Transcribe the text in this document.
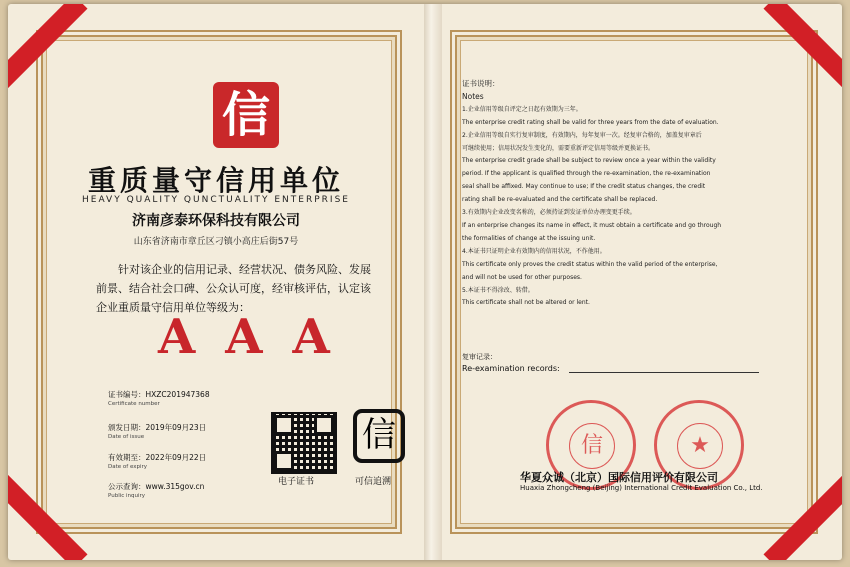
信
重质量守信用单位
HEAVY QUALITY QUNCTUALITY ENTERPRISE
济南彦泰环保科技有限公司
山东省济南市章丘区刁镇小高庄后街57号
针对该企业的信用记录、经营状况、债务风险、发展前景、结合社会口碑、公众认可度，经审核评估，认定该企业重质量守信用单位等级为：
AAA
证书编号：HXZC201947368
Certificate number
颁发日期：2019年09月23日
Date of issue
有效期至：2022年09月22日
Date of expiry
公示查询：www.315gov.cn
Public inquiry
信
电子证书	可信追溯

证书说明：

Notes

1.企业信用等级自评定之日起有效期为三年。

The enterprise credit rating shall be valid for three years from the date of evaluation.

2.企业信用等级自实行复审制度，有效期内，每年复审一次。经复审合格的，加盖复审章后

可继续使用；信用状况发生变化的，需要重新评定信用等级并更换证书。

The enterprise credit grade shall be subject to review once a year within the validity

period. If the applicant is qualified through the re-examination, the re-examination

seal shall be affixed. May continue to use; If the credit status changes, the credit

rating shall be re-evaluated and the certificate shall be replaced.

3.有效期内企业改变名称的，必须持证到发证单位办理变更手续。

If an enterprise changes its name in effect, it must obtain a certificate and go through

the formalities of change at the issuing unit.

4.本证书只证明企业有效期内的信用状况，不作他用。

This certificate only proves the credit status within the valid period of the enterprise,

and will not be used for other purposes.

5.本证书不得涂改、转借。

This certificate shall not be altered or lent.

复审记录：
Re-examination records:
信	★
华夏众诚（北京）国际信用评价有限公司
Huaxia Zhongcheng (Beijing) International Credit Evaluation Co., Ltd.
